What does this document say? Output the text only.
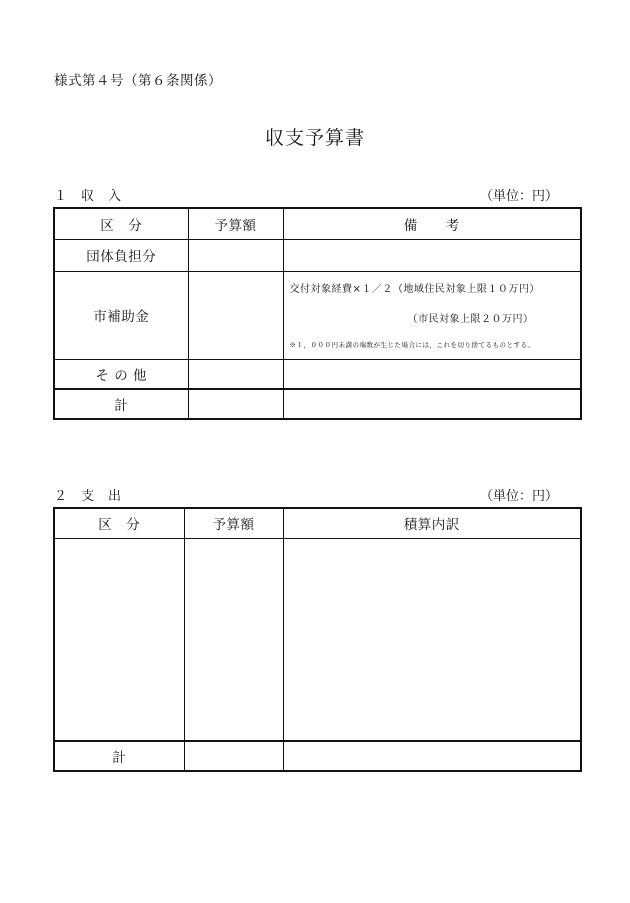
様式第４号（第６条関係）
収支予算書
１　収　入	（単位：円）
区　分	予算額	備　　考
団体負担分		
市補助金		交付対象経費×１／２（地域住民対象上限１０万円）
（市民対象上限２０万円）
※１，０００円未満の端数が生じた場合には，これを切り捨てるものとする。

そ の 他		
計		
２　支　出	（単位：円）
区　分	予算額	積算内訳

計		
